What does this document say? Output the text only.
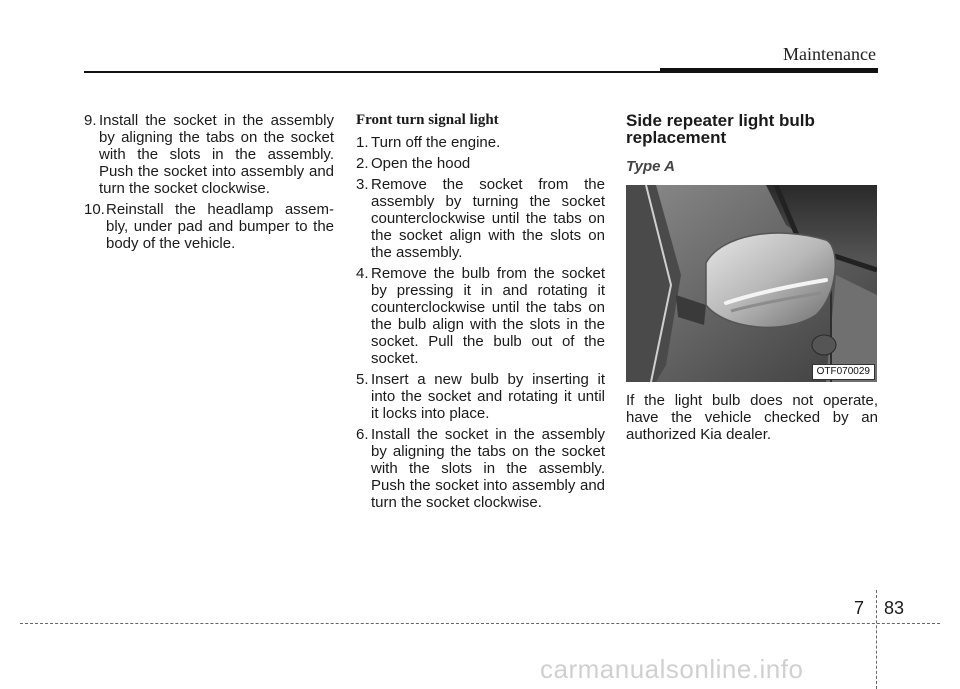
Maintenance
9. Install the socket in the assembly by aligning the tabs on the socket with the slots in the assembly. Push the socket into assembly and turn the socket clockwise.
10. Reinstall the headlamp assem- bly, under pad and bumper to the body of the vehicle.
Front turn signal light
1. Turn off the engine.
2. Open the hood
3. Remove the socket from the assembly by turning the socket counterclockwise until the tabs on the socket align with the slots on the assembly.
4. Remove the bulb from the socket by pressing it in and rotating it counterclockwise until the tabs on the bulb align with the slots in the socket. Pull the bulb out of the socket.
5. Insert a new bulb by inserting it into the socket and rotating it until it locks into place.
6. Install the socket in the assembly by aligning the tabs on the socket with the slots in the assembly. Push the socket into assembly and turn the socket clockwise.
Side repeater light bulb replacement
Type A
OTF070029
If the light bulb does not operate, have the vehicle checked by an authorized Kia dealer.
7 83
carmanualsonline.info
